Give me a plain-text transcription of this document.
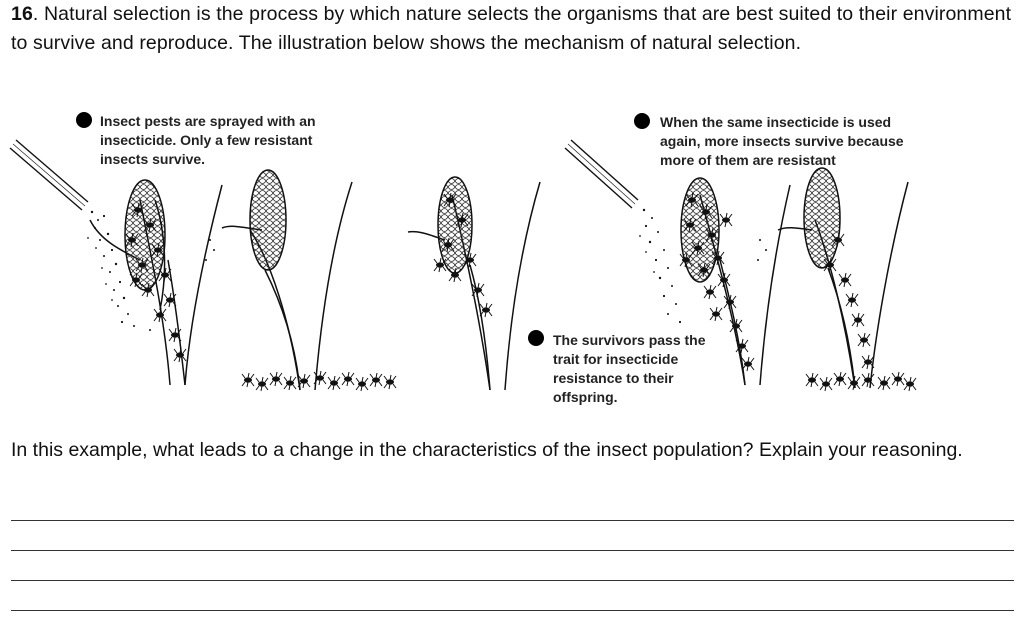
16. Natural selection is the process by which nature selects the organisms that are best suited to their environment to survive and reproduce. The illustration below shows the mechanism of natural selection.
Insect pests are sprayed with an insecticide. Only a few resistant insects survive.
The survivors pass the trait for insecticide resistance to their offspring.
When the same insecticide is used again, more insects survive because more of them are resistant
In this example, what leads to a change in the characteristics of the insect population? Explain your reasoning.
